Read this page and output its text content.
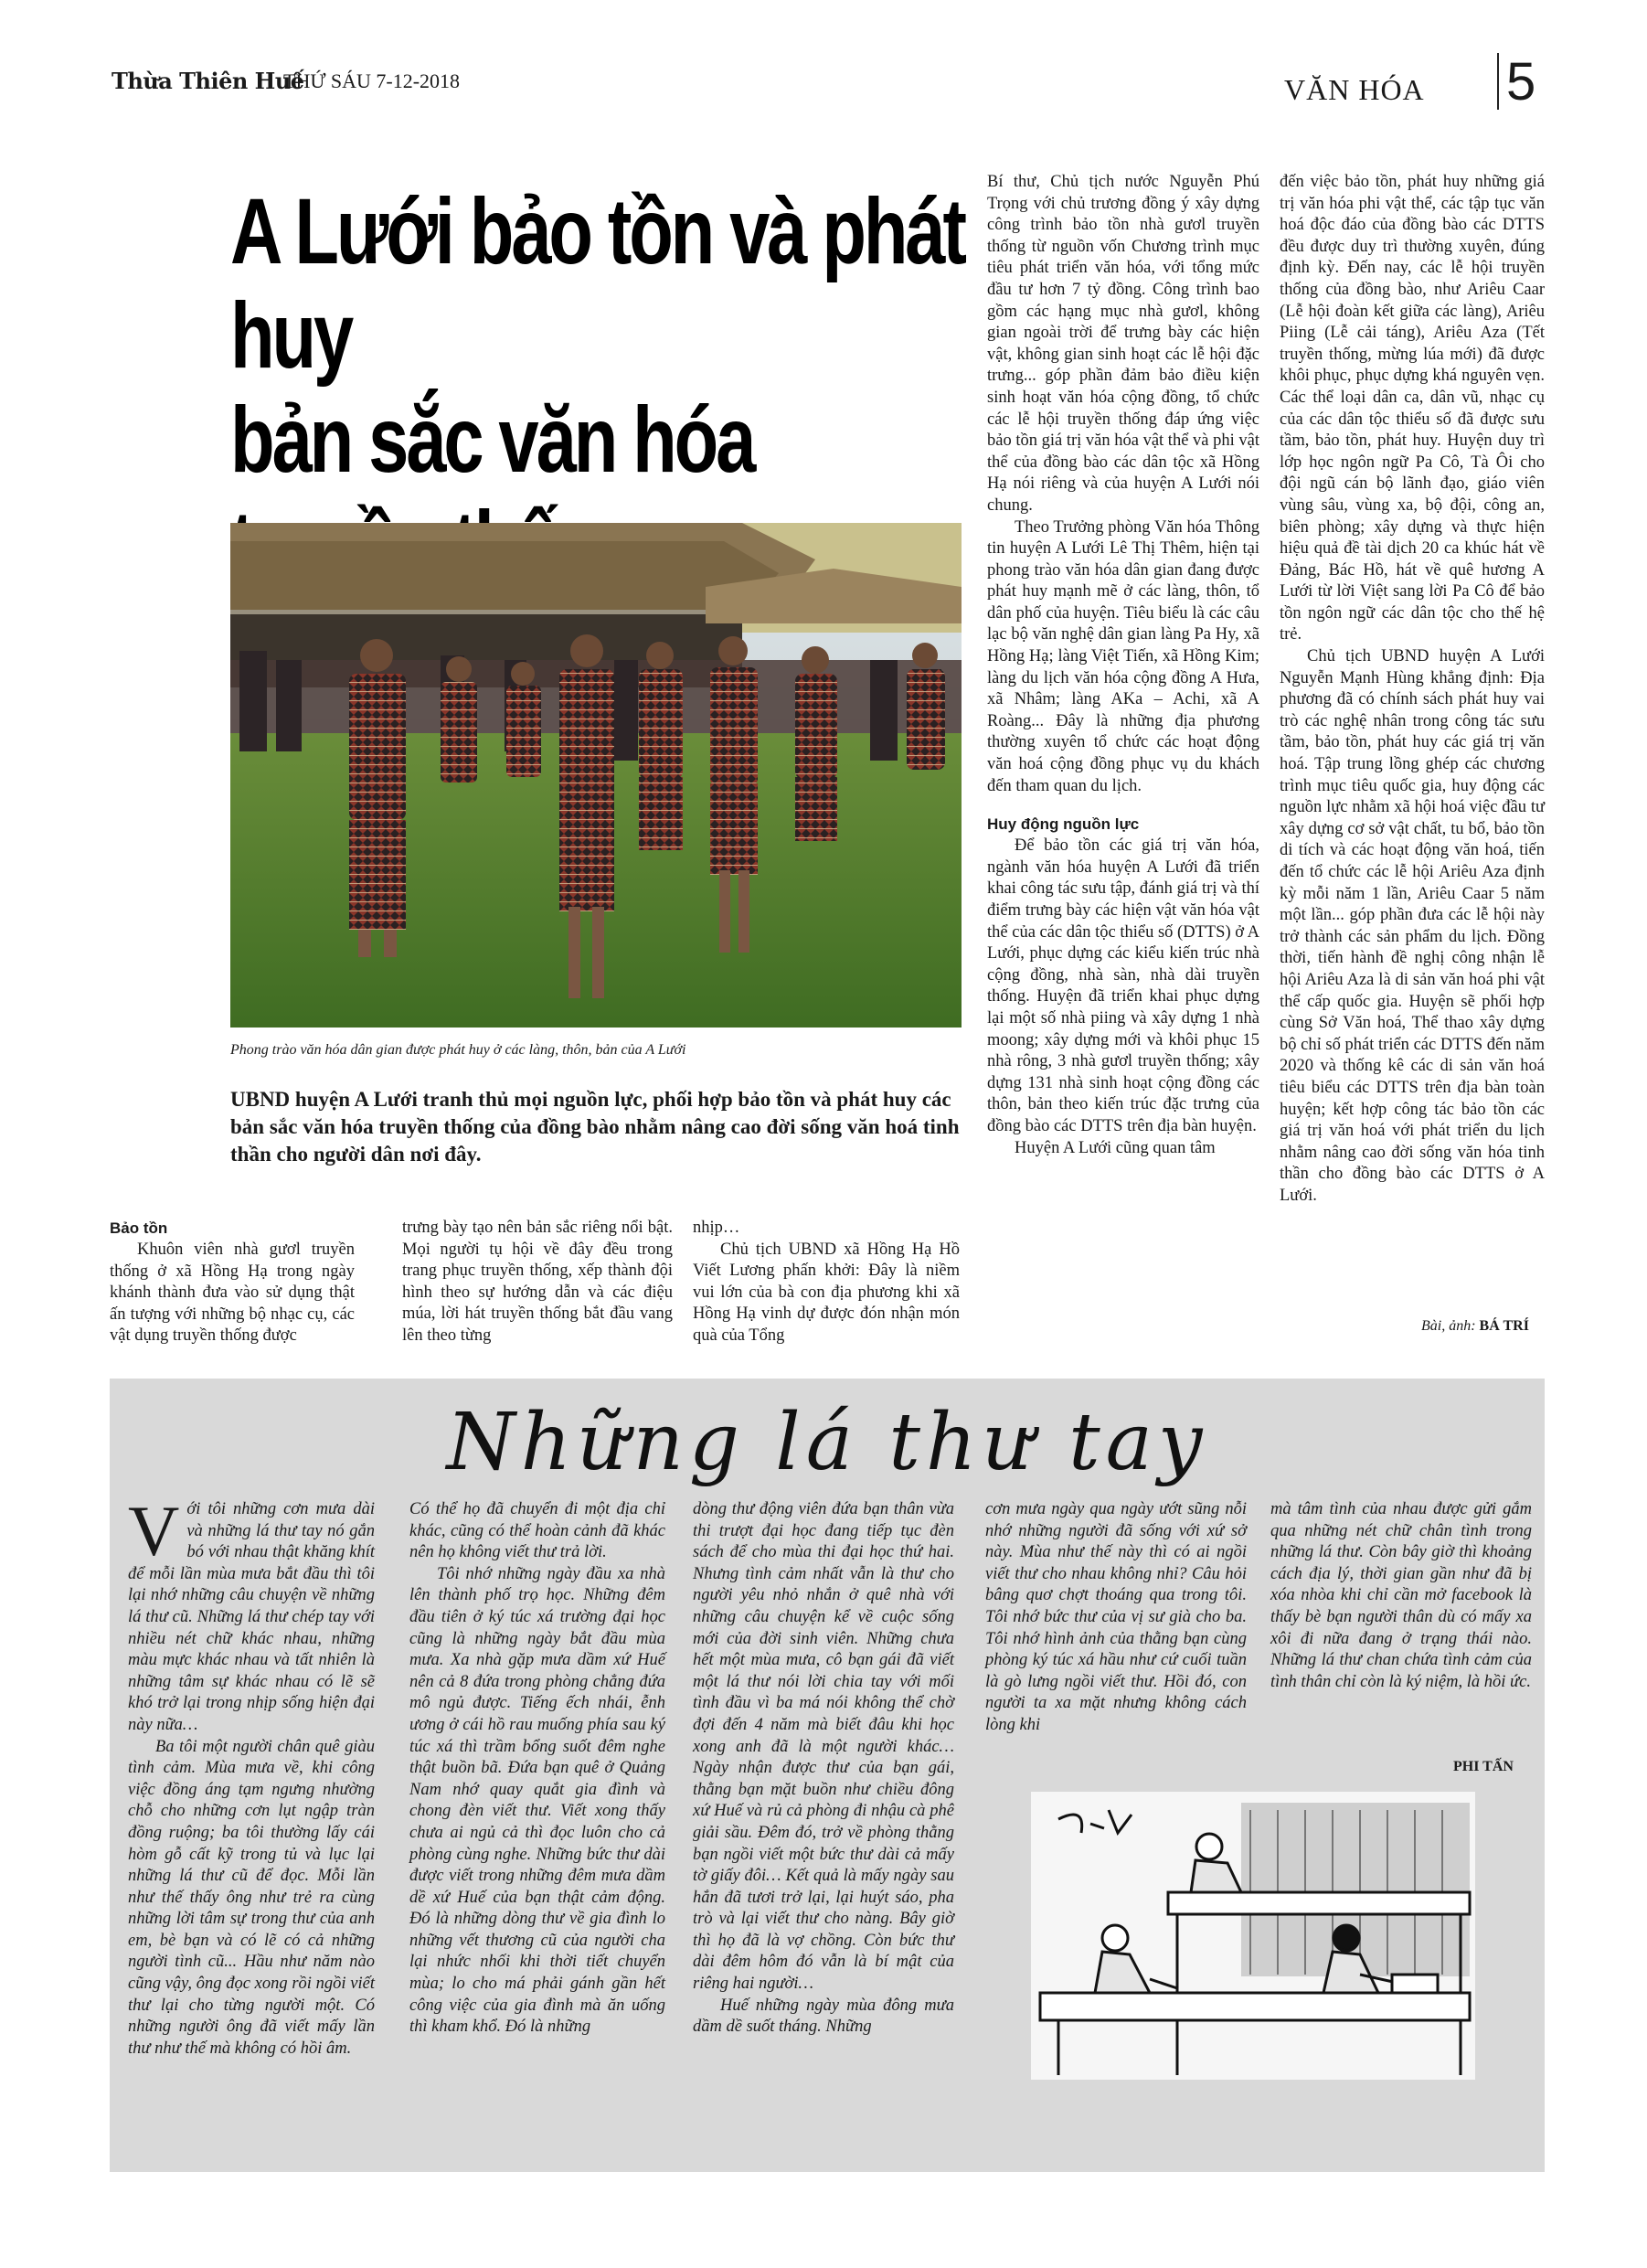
Thừa Thiên Huế
THỨ SÁU 7-12-2018	VĂN HÓA 5
A Lưới bảo tồn và phát huy
bản sắc văn hóa
Phong trào văn hóa dân gian được phát huy ở các làng, thôn, bản của A Lưới
UBND huyện A Lưới tranh thủ mọi nguồn lực, phối hợp bảo tồn và phát huy các bản sắc văn hóa truyền thống của đồng bào nhằm nâng cao đời sống văn hoá tinh thần cho người dân nơi đây.
Bảo tồn

Khuôn viên nhà gươl truyền thống ở xã Hồng Hạ trong ngày khánh thành đưa vào sử dụng thật ấn tượng với những bộ nhạc cụ, các vật dụng truyền thống được

trưng bày tạo nên bản sắc riêng nổi bật. Mọi người tụ hội về đây đều trong trang phục truyền thống, xếp thành đội hình theo sự hướng dẫn và các điệu múa, lời hát truyền thống bắt đầu vang lên theo từng

nhịp…

Chủ tịch UBND xã Hồng Hạ Hồ Viết Lương phấn khởi: Đây là niềm vui lớn của bà con địa phương khi xã Hồng Hạ vinh dự được đón nhận món quà của Tổng

Bí thư, Chủ tịch nước Nguyễn Phú Trọng với chủ trương đồng ý xây dựng công trình bảo tồn nhà gươl truyền thống từ nguồn vốn Chương trình mục tiêu phát triển văn hóa, với tổng mức đầu tư hơn 7 tỷ đồng. Công trình bao gồm các hạng mục nhà gươl, không gian ngoài trời để trưng bày các hiện vật, không gian sinh hoạt các lễ hội đặc trưng... góp phần đảm bảo điều kiện sinh hoạt văn hóa cộng đồng, tổ chức các lễ hội truyền thống đáp ứng việc bảo tồn giá trị văn hóa vật thể và phi vật thể của đồng bào các dân tộc xã Hồng Hạ nói riêng và của huyện A Lưới nói chung.

Theo Trưởng phòng Văn hóa Thông tin huyện A Lưới Lê Thị Thêm, hiện tại phong trào văn hóa dân gian đang được phát huy mạnh mẽ ở các làng, thôn, tổ dân phố của huyện. Tiêu biểu là các câu lạc bộ văn nghệ dân gian làng Pa Hy, xã Hồng Hạ; làng Việt Tiến, xã Hồng Kim; làng du lịch văn hóa cộng đồng A Hưa, xã Nhâm; làng AKa – Achi, xã A Roàng... Đây là những địa phương thường xuyên tổ chức các hoạt động văn hoá cộng đồng phục vụ du khách đến tham quan du lịch.

Huy động nguồn lực

Để bảo tồn các giá trị văn hóa, ngành văn hóa huyện A Lưới đã triển khai công tác sưu tập, đánh giá trị và thí điểm trưng bày các hiện vật văn hóa vật thể của các dân tộc thiểu số (DTTS) ở A Lưới, phục dựng các kiểu kiến trúc nhà cộng đồng, nhà sàn, nhà dài truyền thống. Huyện đã triển khai phục dựng lại một số nhà piing và xây dựng 1 nhà moong; xây dựng mới và khôi phục 15 nhà rông, 3 nhà gươl truyền thống; xây dựng 131 nhà sinh hoạt cộng đồng các thôn, bản theo kiến trúc đặc trưng của đồng bào các DTTS trên địa bàn huyện.

Huyện A Lưới cũng quan tâm

đến việc bảo tồn, phát huy những giá trị văn hóa phi vật thể, các tập tục văn hoá độc đáo của đồng bào các DTTS đều được duy trì thường xuyên, đúng định kỳ. Đến nay, các lễ hội truyền thống của đồng bào, như Ariêu Caar (Lễ hội đoàn kết giữa các làng), Ariêu Piing (Lễ cải táng), Ariêu Aza (Tết truyền thống, mừng lúa mới) đã được khôi phục, phục dựng khá nguyên vẹn. Các thể loại dân ca, dân vũ, nhạc cụ của các dân tộc thiểu số đã được sưu tầm, bảo tồn, phát huy. Huyện duy trì lớp học ngôn ngữ Pa Cô, Tà Ôi cho đội ngũ cán bộ lãnh đạo, giáo viên vùng sâu, vùng xa, bộ đội, công an, biên phòng; xây dựng và thực hiện hiệu quả đề tài dịch 20 ca khúc hát về Đảng, Bác Hồ, hát về quê hương A Lưới từ lời Việt sang lời Pa Cô để bảo tồn ngôn ngữ các dân tộc cho thế hệ trẻ.

Chủ tịch UBND huyện A Lưới Nguyễn Mạnh Hùng khẳng định: Địa phương đã có chính sách phát huy vai trò các nghệ nhân trong công tác sưu tầm, bảo tồn, phát huy các giá trị văn hoá. Tập trung lồng ghép các chương trình mục tiêu quốc gia, huy động các nguồn lực nhằm xã hội hoá việc đầu tư xây dựng cơ sở vật chất, tu bổ, bảo tồn di tích và các hoạt động văn hoá, tiến đến tổ chức các lễ hội Ariêu Aza định kỳ mỗi năm 1 lần, Ariêu Caar 5 năm một lần... góp phần đưa các lễ hội này trở thành các sản phẩm du lịch. Đồng thời, tiến hành đề nghị công nhận lễ hội Ariêu Aza là di sản văn hoá phi vật thể cấp quốc gia. Huyện sẽ phối hợp cùng Sở Văn hoá, Thể thao xây dựng bộ chỉ số phát triển các DTTS đến năm 2020 và thống kê các di sản văn hoá tiêu biểu các DTTS trên địa bàn toàn huyện; kết hợp công tác bảo tồn các giá trị văn hoá với phát triển du lịch nhằm nâng cao đời sống văn hóa tinh thần cho đồng bào các DTTS ở A Lưới.

Bài, ảnh: BÁ TRÍ
Những lá thư tay

Với tôi những cơn mưa dài và những lá thư tay nó gắn bó với nhau thật khăng khít để mỗi lần mùa mưa bắt đầu thì tôi lại nhớ những câu chuyện về những lá thư cũ. Những lá thư chép tay với nhiều nét chữ khác nhau, những màu mực khác nhau và tất nhiên là những tâm sự khác nhau có lẽ sẽ khó trở lại trong nhịp sống hiện đại này nữa…

Ba tôi một người chân quê giàu tình cảm. Mùa mưa về, khi công việc đồng áng tạm ngưng nhường chỗ cho những cơn lụt ngập tràn đồng ruộng; ba tôi thường lấy cái hòm gỗ cất kỹ trong tủ và lục lại những lá thư cũ để đọc. Mỗi lần như thế thấy ông như trẻ ra cùng những lời tâm sự trong thư của anh em, bè bạn và có lẽ có cả những người tình cũ... Hầu như năm nào cũng vậy, ông đọc xong rồi ngồi viết thư lại cho từng người một. Có những người ông đã viết mấy lần thư như thế mà không có hồi âm.

Có thể họ đã chuyển đi một địa chỉ khác, cũng có thể hoàn cảnh đã khác nên họ không viết thư trả lời.

Tôi nhớ những ngày đầu xa nhà lên thành phố trọ học. Những đêm đầu tiên ở ký túc xá trường đại học cũng là những ngày bắt đầu mùa mưa. Xa nhà gặp mưa dầm xứ Huế nên cả 8 đứa trong phòng chẳng đứa mô ngủ được. Tiếng ếch nhái, ễnh ương ở cái hồ rau muống phía sau ký túc xá thì trầm bổng suốt đêm nghe thật buồn bã. Đứa bạn quê ở Quảng Nam nhớ quay quắt gia đình và chong đèn viết thư. Viết xong thấy chưa ai ngủ cả thì đọc luôn cho cả phòng cùng nghe. Những bức thư dài được viết trong những đêm mưa dầm dề xứ Huế của bạn thật cảm động. Đó là những dòng thư về gia đình lo những vết thương cũ của người cha lại nhức nhối khi thời tiết chuyển mùa; lo cho má phải gánh gần hết công việc của gia đình mà ăn uống thì kham khổ. Đó là những

dòng thư động viên đứa bạn thân vừa thi trượt đại học đang tiếp tục đèn sách để cho mùa thi đại học thứ hai. Nhưng tình cảm nhất vẫn là thư cho người yêu nhỏ nhắn ở quê nhà với những câu chuyện kể về cuộc sống mới của đời sinh viên. Những chưa hết một mùa mưa, cô bạn gái đã viết một lá thư nói lời chia tay với mối tình đầu vì ba má nói không thể chờ đợi đến 4 năm mà biết đâu khi học xong anh đã là một người khác… Ngày nhận được thư của bạn gái, thằng bạn mặt buồn như chiều đông xứ Huế và rủ cả phòng đi nhậu cà phê giải sầu. Đêm đó, trở về phòng thằng bạn ngồi viết một bức thư dài cả mấy tờ giấy đôi… Kết quả là mấy ngày sau hắn đã tươi trở lại, lại huýt sáo, pha trò và lại viết thư cho nàng. Bây giờ thì họ đã là vợ chồng. Còn bức thư dài đêm hôm đó vẫn là bí mật của riêng hai người…

Huế những ngày mùa đông mưa dầm dề suốt tháng. Những

cơn mưa ngày qua ngày ướt sũng nỗi nhớ những người đã sống với xứ sở này. Mùa như thế này thì có ai ngồi viết thư cho nhau không nhỉ? Câu hỏi bâng quơ chợt thoáng qua trong tôi. Tôi nhớ bức thư của vị sư già cho ba. Tôi nhớ hình ảnh của thằng bạn cùng phòng ký túc xá hầu như cứ cuối tuần là gò lưng ngồi viết thư. Hồi đó, con người ta xa mặt nhưng không cách lòng khi

mà tâm tình của nhau được gửi gắm qua những nét chữ chân tình trong những lá thư. Còn bây giờ thì khoảng cách địa lý, thời gian gần như đã bị xóa nhòa khi chỉ cần mở facebook là thấy bè bạn người thân dù có mấy xa xôi đi nữa đang ở trạng thái nào. Những lá thư chan chứa tình cảm của tình thân chỉ còn là ký niệm, là hồi ức.

PHI TẤN
